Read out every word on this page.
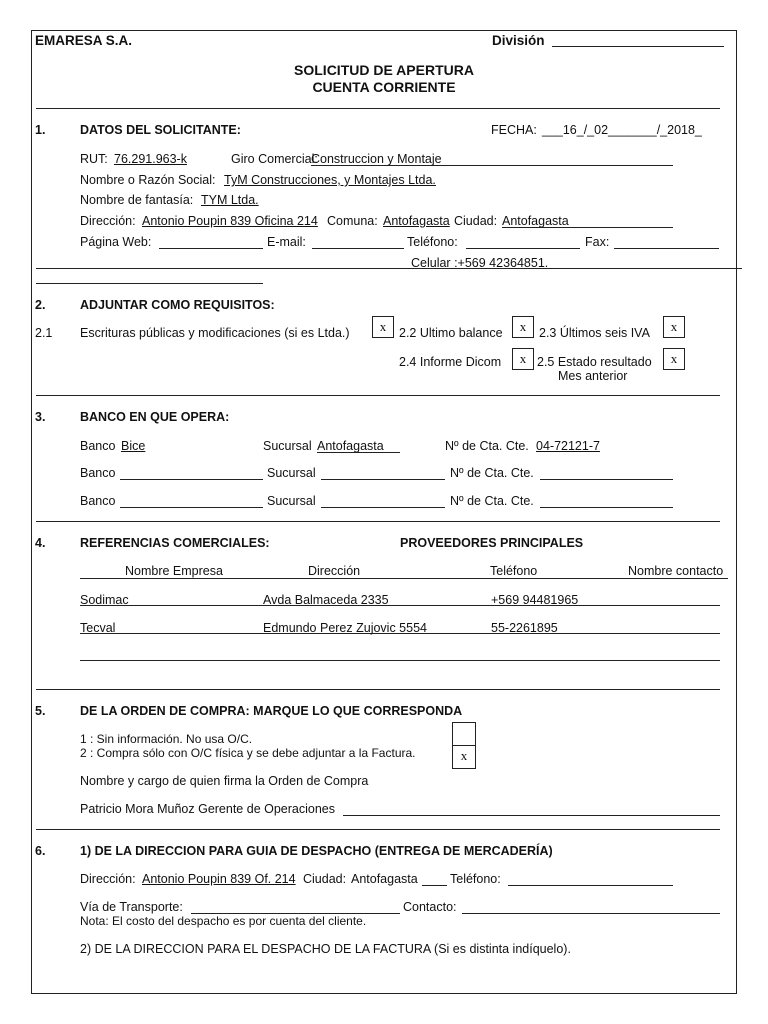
EMARESA S.A.	División
SOLICITUD DE APERTURA
CUENTA CORRIENTE
1.	DATOS DEL SOLICITANTE:	FECHA: ___16_/_02_______/_2018_
RUT: 76.291.963-k	Giro Comercial:
Construccion y Montaje
Nombre o Razón Social: TyM Construcciones, y Montajes Ltda.
Nombre de fantasía: TYM Ltda.
Dirección: Antonio Poupin 839 Oficina 214 Comuna: Antofagasta Ciudad: Antofagasta
Página Web:	E-mail:	Teléfono:	Fax:
Celular :+569 42364851.
2.	ADJUNTAR COMO REQUISITOS:
2.1 Escrituras públicas y modificaciones (si es Ltda.)	x	2.2 Ultimo balance	x	2.3 Últimos seis IVA	x
2.4 Informe Dicom	x 2.5 Estado resultado	x
Mes anterior
3.	BANCO EN QUE OPERA:
Banco Bice	Sucursal Antofagasta	Nº de Cta. Cte. 04-72121-7
Banco	Sucursal	Nº de Cta. Cte.
Banco	Sucursal	Nº de Cta. Cte.
4.	REFERENCIAS COMERCIALES:	PROVEEDORES PRINCIPALES
Nombre Empresa	Dirección	Teléfono	Nombre contacto
Sodimac	Avda Balmaceda 2335	+569 94481965
Tecval	Edmundo Perez Zujovic 5554	55-2261895
5.	DE LA ORDEN DE COMPRA: MARQUE LO QUE CORRESPONDA
1 : Sin información. No usa O/C.
2 : Compra sólo con O/C física y se debe adjuntar a la Factura.	x
Nombre y cargo de quien firma la Orden de Compra
Patricio Mora Muñoz Gerente de Operaciones
6.	1) DE LA DIRECCION PARA GUIA DE DESPACHO (ENTREGA DE MERCADERÍA)
Dirección: Antonio Poupin 839 Of. 214 Ciudad: Antofagasta	Teléfono:
Vía de Transporte:	Contacto:
Nota: El costo del despacho es por cuenta del cliente.
2) DE LA DIRECCION PARA EL DESPACHO DE LA FACTURA (Si es distinta indíquelo).
